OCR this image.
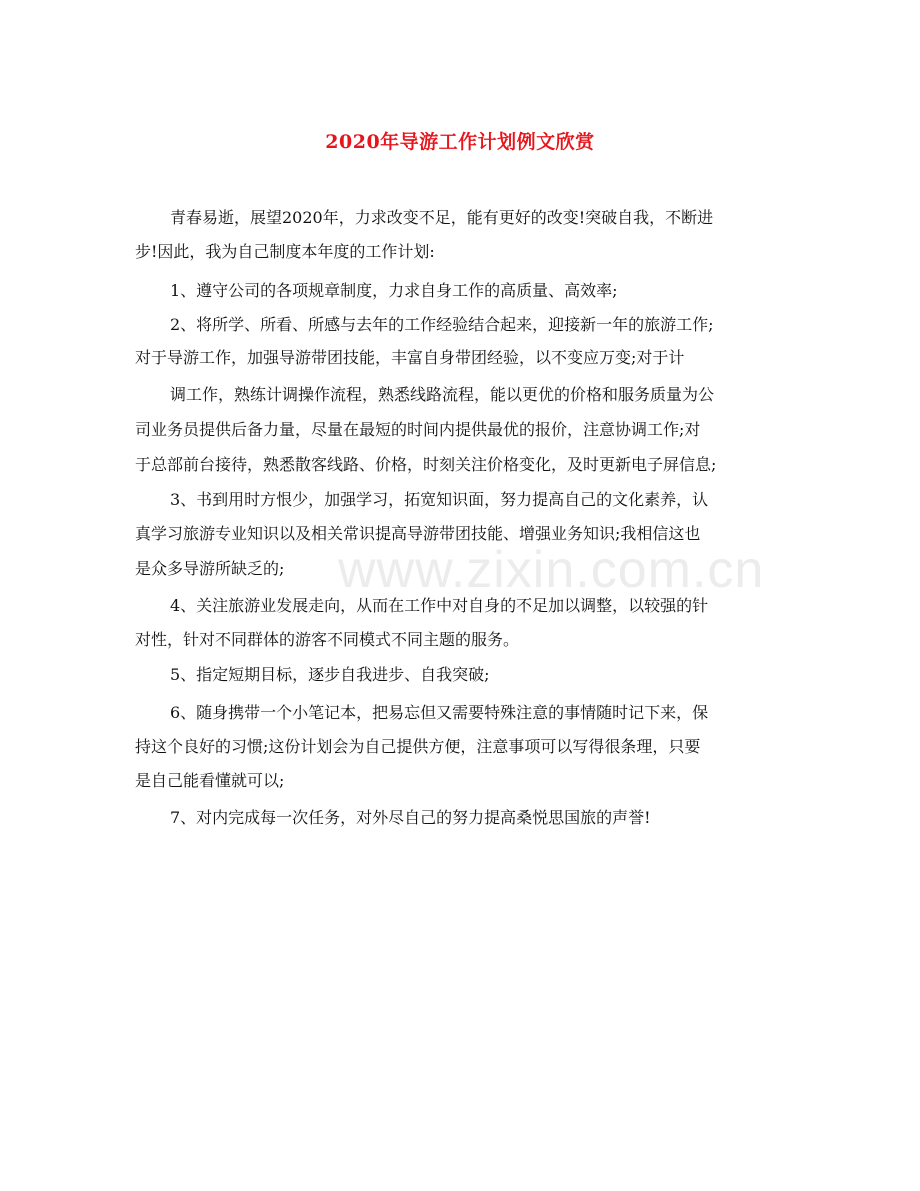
2020年导游工作计划例文欣赏
www.zixin.com.cn
青春易逝，展望2020年，力求改变不足，能有更好的改变!突破自我，不断进
步!因此，我为自己制度本年度的工作计划:
1、遵守公司的各项规章制度，力求自身工作的高质量、高效率;
2、将所学、所看、所感与去年的工作经验结合起来，迎接新一年的旅游工作;
对于导游工作，加强导游带团技能，丰富自身带团经验，以不变应万变;对于计
调工作，熟练计调操作流程，熟悉线路流程，能以更优的价格和服务质量为公
司业务员提供后备力量，尽量在最短的时间内提供最优的报价，注意协调工作;对
于总部前台接待，熟悉散客线路、价格，时刻关注价格变化，及时更新电子屏信息;
3、书到用时方恨少，加强学习，拓宽知识面，努力提高自己的文化素养，认
真学习旅游专业知识以及相关常识提高导游带团技能、增强业务知识;我相信这也
是众多导游所缺乏的;
4、关注旅游业发展走向，从而在工作中对自身的不足加以调整，以较强的针
对性，针对不同群体的游客不同模式不同主题的服务。
5、指定短期目标，逐步自我进步、自我突破;
6、随身携带一个小笔记本，把易忘但又需要特殊注意的事情随时记下来，保
持这个良好的习惯;这份计划会为自己提供方便，注意事项可以写得很条理，只要
是自己能看懂就可以;
7、对内完成每一次任务，对外尽自己的努力提高桑悦思国旅的声誉!
